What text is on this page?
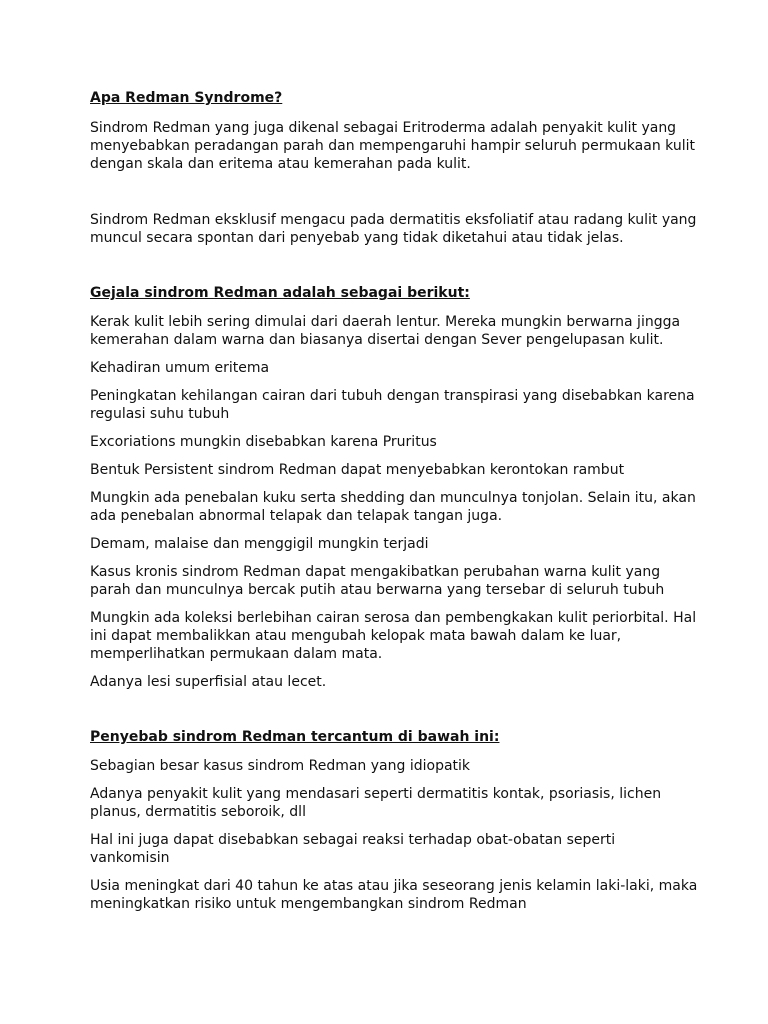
Apa Redman Syndrome?

Sindrom Redman yang juga dikenal sebagai Eritroderma adalah penyakit kulit yang menyebabkan peradangan parah dan mempengaruhi hampir seluruh permukaan kulit dengan skala dan eritema atau kemerahan pada kulit.

Sindrom Redman eksklusif mengacu pada dermatitis eksfoliatif atau radang kulit yang muncul secara spontan dari penyebab yang tidak diketahui atau tidak jelas.

Gejala sindrom Redman adalah sebagai berikut:

Kerak kulit lebih sering dimulai dari daerah lentur. Mereka mungkin berwarna jingga kemerahan dalam warna dan biasanya disertai dengan Sever pengelupasan kulit.

Kehadiran umum eritema

Peningkatan kehilangan cairan dari tubuh dengan transpirasi yang disebabkan karena regulasi suhu tubuh

Excoriations mungkin disebabkan karena Pruritus

Bentuk Persistent sindrom Redman dapat menyebabkan kerontokan rambut

Mungkin ada penebalan kuku serta shedding dan munculnya tonjolan. Selain itu, akan ada penebalan abnormal telapak dan telapak tangan juga.

Demam, malaise dan menggigil mungkin terjadi

Kasus kronis sindrom Redman dapat mengakibatkan perubahan warna kulit yang parah dan munculnya bercak putih atau berwarna yang tersebar di seluruh tubuh

Mungkin ada koleksi berlebihan cairan serosa dan pembengkakan kulit periorbital. Hal ini dapat membalikkan atau mengubah kelopak mata bawah dalam ke luar, memperlihatkan permukaan dalam mata.

Adanya lesi superfisial atau lecet.

Penyebab sindrom Redman tercantum di bawah ini:

Sebagian besar kasus sindrom Redman yang idiopatik

Adanya penyakit kulit yang mendasari seperti dermatitis kontak, psoriasis, lichen planus, dermatitis seboroik, dll

Hal ini juga dapat disebabkan sebagai reaksi terhadap obat-obatan seperti vankomisin

Usia meningkat dari 40 tahun ke atas atau jika seseorang jenis kelamin laki-laki, maka meningkatkan risiko untuk mengembangkan sindrom Redman
